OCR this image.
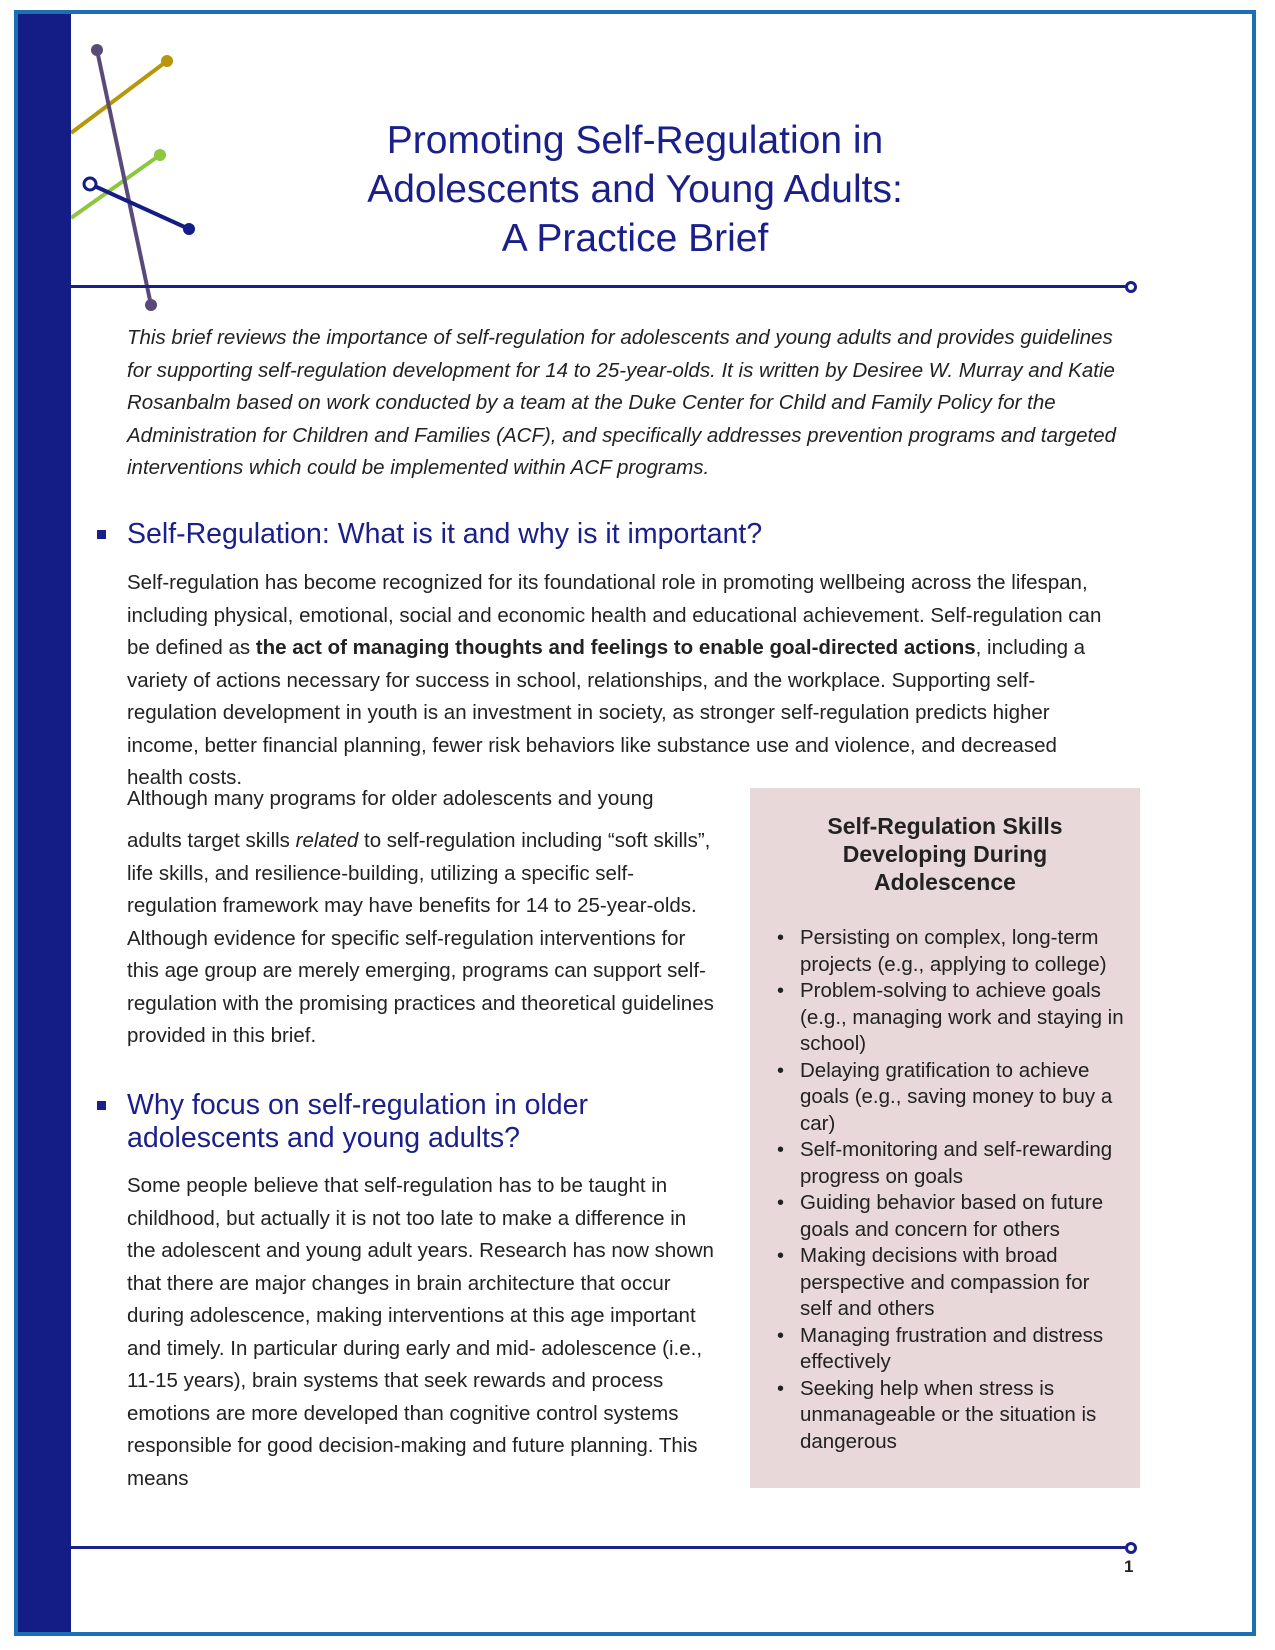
Promoting Self-Regulation in
Adolescents and Young Adults:
A Practice Brief

This brief reviews the importance of self-regulation for adolescents and young adults and provides guidelines for supporting self-regulation development for 14 to 25-year-olds. It is written by Desiree W. Murray and Katie Rosanbalm based on work conducted by a team at the Duke Center for Child and Family Policy for the Administration for Children and Families (ACF), and specifically addresses prevention programs and targeted interventions which could be implemented within ACF programs.

Self-Regulation: What is it and why is it important?

Self-regulation has become recognized for its foundational role in promoting wellbeing across the lifespan, including physical, emotional, social and economic health and educational achievement. Self-regulation can be defined as the act of managing thoughts and feelings to enable goal-directed actions, including a variety of actions necessary for success in school, relationships, and the workplace. Supporting self-regulation development in youth is an investment in society, as stronger self-regulation predicts higher income, better financial planning, fewer risk behaviors like substance use and violence, and decreased health costs.

Although many programs for older adolescents and young

adults target skills related to self-regulation including “soft skills”, life skills, and resilience-building, utilizing a specific self-regulation framework may have benefits for 14 to 25-year-olds. Although evidence for specific self-regulation interventions for this age group are merely emerging, programs can support self-regulation with the promising practices and theoretical guidelines provided in this brief.

Why focus on self-regulation in older
adolescents and young adults?

Some people believe that self-regulation has to be taught in childhood, but actually it is not too late to make a difference in the adolescent and young adult years. Research has now shown that there are major changes in brain architecture that occur during adolescence, making interventions at this age important and timely. In particular during early and mid- adolescence (i.e., 11-15 years), brain systems that seek rewards and process emotions are more developed than cognitive control systems responsible for good decision-making and future planning. This means

Self-Regulation Skills
Developing During
Adolescence

• Persisting on complex, long-term projects (e.g., applying to college)
• Problem-solving to achieve goals (e.g., managing work and staying in school)
• Delaying gratification to achieve goals (e.g., saving money to buy a car)
• Self-monitoring and self-rewarding progress on goals
• Guiding behavior based on future goals and concern for others
• Making decisions with broad perspective and compassion for self and others
• Managing frustration and distress effectively
• Seeking help when stress is unmanageable or the situation is dangerous
1
